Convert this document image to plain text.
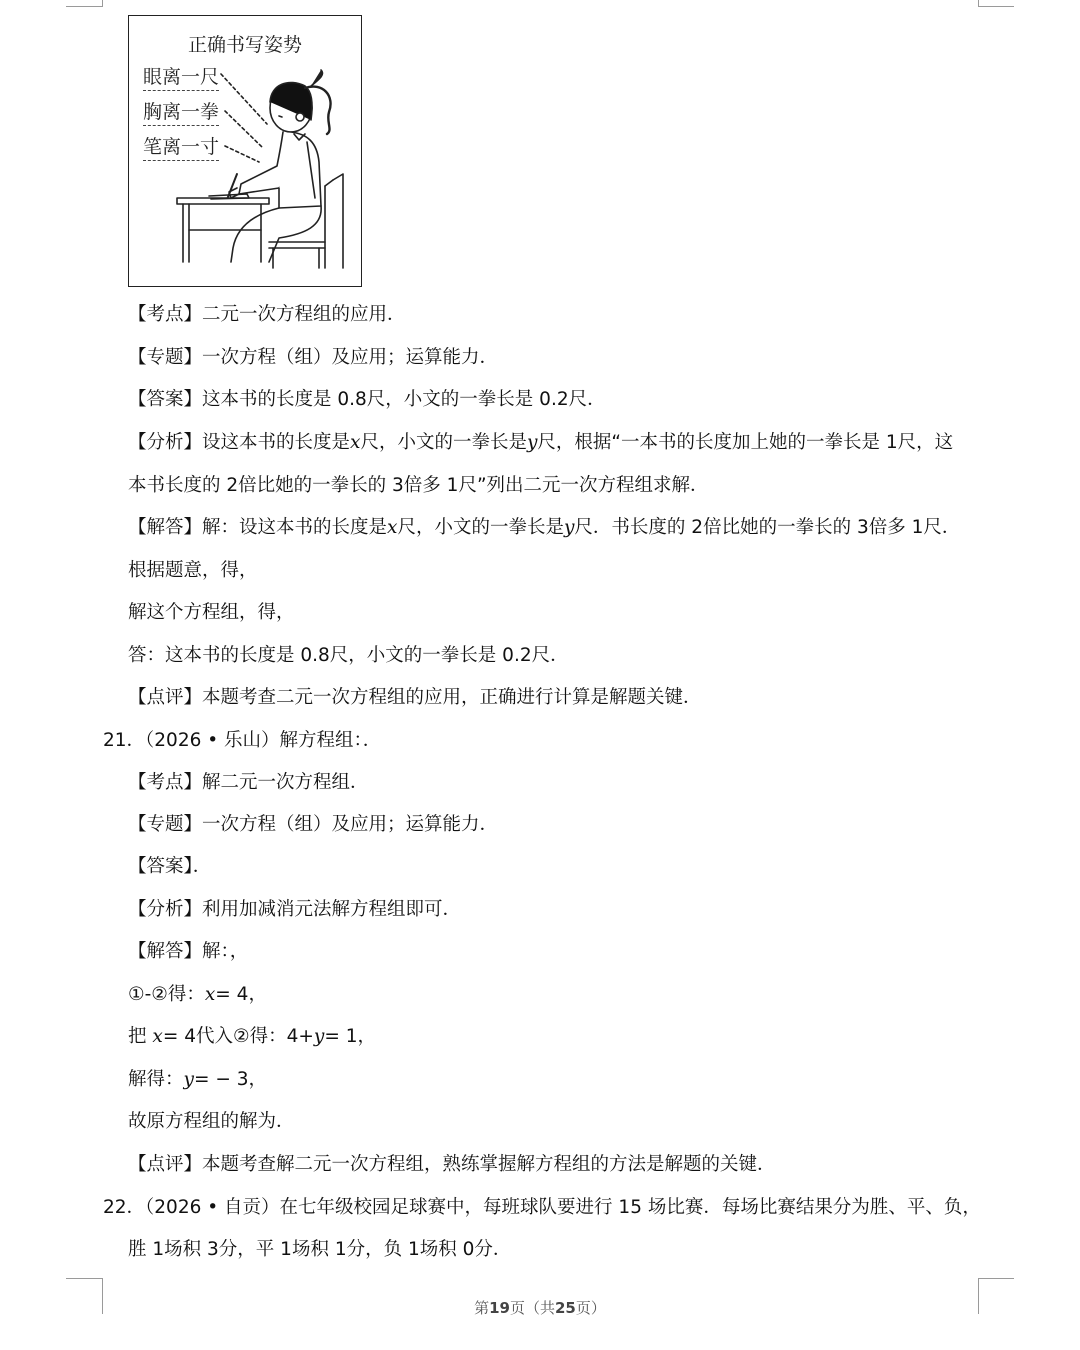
正确书写姿势
眼离一尺
胸离一拳
笔离一寸
【考点】二元一次方程组的应用．
【专题】一次方程（组）及应用；运算能力．
【答案】这本书的长度是 0.8尺，小文的一拳长是 0.2尺．
【分析】设这本书的长度是x尺，小文的一拳长是y尺，根据“一本书的长度加上她的一拳长是 1尺，这
本书长度的 2倍比她的一拳长的 3倍多 1尺”列出二元一次方程组求解．
【解答】解：设这本书的长度是x尺，小文的一拳长是y尺．书长度的 2倍比她的一拳长的 3倍多 1尺．
根据题意，得，
解这个方程组，得，
答：这本书的长度是 0.8尺，小文的一拳长是 0.2尺．
【点评】本题考查二元一次方程组的应用，正确进行计算是解题关键．
21．（2026 • 乐山）解方程组：．
【考点】解二元一次方程组．
【专题】一次方程（组）及应用；运算能力．
【答案】．
【分析】利用加减消元法解方程组即可．
【解答】解：，
①-②得：x= 4，
把 x= 4代入②得：4+y= 1，
解得：y= − 3，
故原方程组的解为．
【点评】本题考查解二元一次方程组，熟练掌握解方程组的方法是解题的关键．
22．（2026 • 自贡）在七年级校园足球赛中，每班球队要进行 15 场比赛．每场比赛结果分为胜、平、负，
胜 1场积 3分，平 1场积 1分，负 1场积 0分．
第19页（共25页）
